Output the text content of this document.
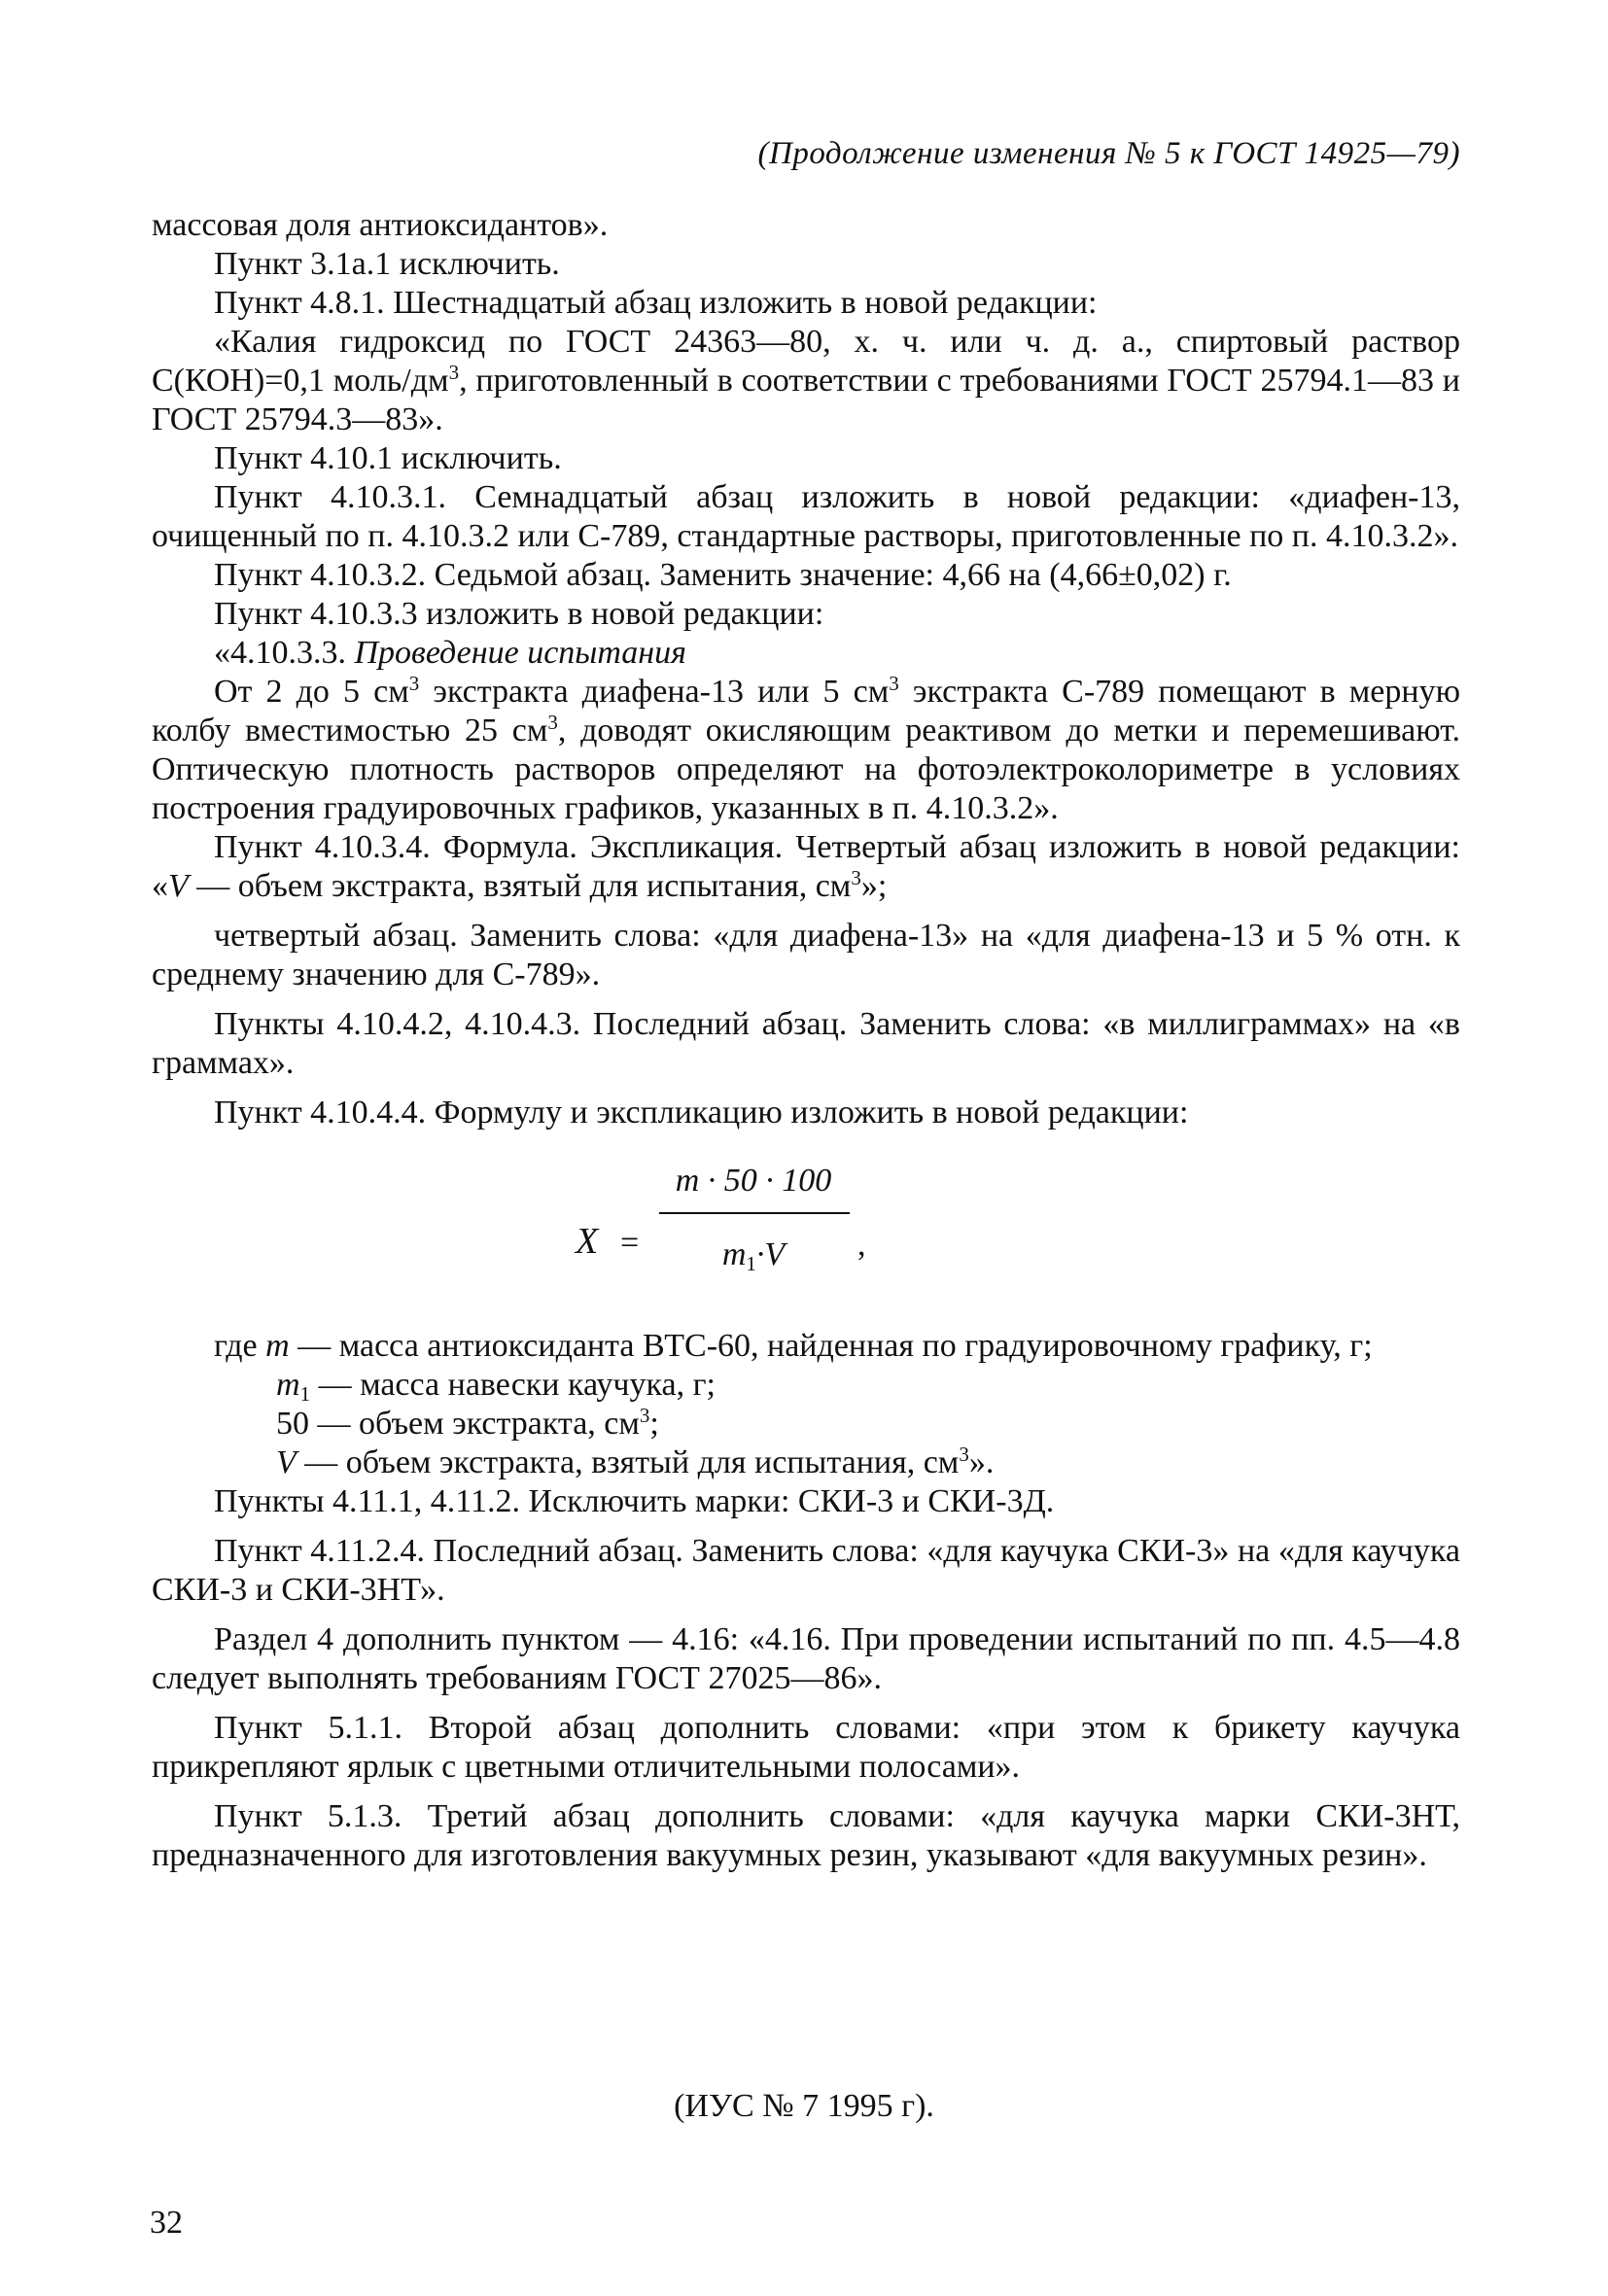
(Продолжение изменения № 5 к ГОСТ 14925—79)

массовая доля антиоксидантов».

Пункт 3.1а.1 исключить.

Пункт 4.8.1. Шестнадцатый абзац изложить в новой редакции:

«Калия гидроксид по ГОСТ 24363—80, х. ч. или ч. д. а., спиртовый раствор С(КОН)=0,1 моль/$дм^3$, приготовленный в соответствии с требованиями ГОСТ 25794.1—83 и ГОСТ 25794.3—83».

Пункт 4.10.1 исключить.

Пункт 4.10.3.1. Семнадцатый абзац изложить в новой редакции: «диафен-13, очищенный по п. 4.10.3.2 или С-789, стандартные растворы, приготовленные по п. 4.10.3.2».

Пункт 4.10.3.2. Седьмой абзац. Заменить значение: 4,66 на (4,66±0,02) г.

Пункт 4.10.3.3 изложить в новой редакции:

«4.10.3.3. Проведение испытания

От 2 до 5 $см^3$ экстракта диафена-13 или 5 $см^3$ экстракта С-789 помещают в мерную колбу вместимостью 25 $см^3$, доводят окисляющим реактивом до метки и перемешивают. Оптическую плотность растворов определяют на фотоэлектроколориметре в условиях построения градуировочных графиков, указанных в п. 4.10.3.2».

Пункт 4.10.3.4. Формула. Экспликация. Четвертый абзац изложить в новой редакции: «V — объем экстракта, взятый для испытания, $см^3$»;

четвертый абзац. Заменить слова: «для диафена-13» на «для диафена-13 и 5 % отн. к среднему значению для С-789».

Пункты 4.10.4.2, 4.10.4.3. Последний абзац. Заменить слова: «в миллиграммах» на «в граммах».

Пункт 4.10.4.4. Формулу и экспликацию изложить в новой редакции:

X =
m · 50 · 100
$m_1\cdot V$	,

где m — масса антиоксиданта ВТС-60, найденная по градуировочному графику, г;

$m_1$ — масса навески каучука, г;

50 — объем экстракта, $см^3$;

V — объем экстракта, взятый для испытания, $см^3$».

Пункты 4.11.1, 4.11.2. Исключить марки: СКИ-3 и СКИ-3Д.

Пункт 4.11.2.4. Последний абзац. Заменить слова: «для каучука СКИ-3» на «для каучука СКИ-3 и СКИ-3НТ».

Раздел 4 дополнить пунктом — 4.16: «4.16. При проведении испытаний по пп. 4.5—4.8 следует выполнять требованиям ГОСТ 27025—86».

Пункт 5.1.1. Второй абзац дополнить словами: «при этом к брикету каучука прикрепляют ярлык с цветными отличительными полосами».

Пункт 5.1.3. Третий абзац дополнить словами: «для каучука марки СКИ-3НТ, предназначенного для изготовления вакуумных резин, указывают «для вакуумных резин».

(ИУС № 7 1995 г).
32
